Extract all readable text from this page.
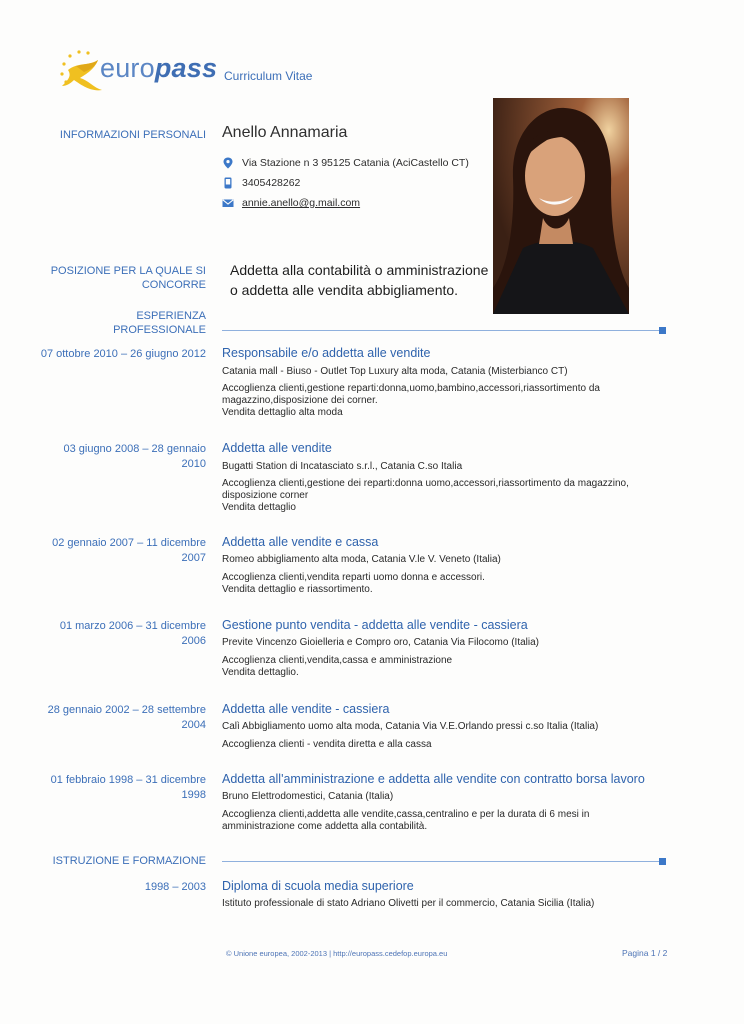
europass Curriculum Vitae
INFORMAZIONI PERSONALI Anello Annamaria
Via Stazione n 3 95125 Catania (AciCastello CT)
3405428262
annie.anello@g.mail.com
POSIZIONE PER LA QUALE SI
CONCORRE
Addetta alla contabilità o amministrazione
o addetta alle vendita abbigliamento.
ESPERIENZA
PROFESSIONALE
07 ottobre 2010 – 26 giugno 2012 Responsabile e/o addetta alle vendite
Catania mall - Biuso - Outlet Top Luxury alta moda, Catania (Misterbianco CT)
Accoglienza clienti,gestione reparti:donna,uomo,bambino,accessori,riassortimento da
magazzino,disposizione dei corner.
Vendita dettaglio alta moda
03 giugno 2008 – 28 gennaio
2010
Addetta alle vendite
Bugatti Station di Incatasciato s.r.l., Catania C.so Italia
Accoglienza clienti,gestione dei reparti:donna uomo,accessori,riassortimento da magazzino,
disposizione corner
Vendita dettaglio
02 gennaio 2007 – 11 dicembre
2007
Addetta alle vendite e cassa
Romeo abbigliamento alta moda, Catania V.le V. Veneto (Italia)
Accoglienza clienti,vendita reparti uomo donna e accessori.
Vendita dettaglio e riassortimento.
01 marzo 2006 – 31 dicembre
2006
Gestione punto vendita - addetta alle vendite - cassiera
Previte Vincenzo Gioielleria e Compro oro, Catania Via Filocomo (Italia)
Accoglienza clienti,vendita,cassa e amministrazione
Vendita dettaglio.
28 gennaio 2002 – 28 settembre
2004
Addetta alle vendite - cassiera
Calì Abbigliamento uomo alta moda, Catania Via V.E.Orlando pressi c.so Italia (Italia)
Accoglienza clienti - vendita diretta e alla cassa
01 febbraio 1998 – 31 dicembre
1998
Addetta all'amministrazione e addetta alle vendite con contratto borsa lavoro
Bruno Elettrodomestici, Catania (Italia)
Accoglienza clienti,addetta alle vendite,cassa,centralino e per la durata di 6 mesi in
amministrazione come addetta alla contabilità.
ISTRUZIONE E FORMAZIONE
1998 – 2003 Diploma di scuola media superiore
Istituto professionale di stato Adriano Olivetti per il commercio, Catania Sicilia (Italia)
© Unione europea, 2002-2013 | http://europass.cedefop.europa.eu	Pagina 1 / 2
